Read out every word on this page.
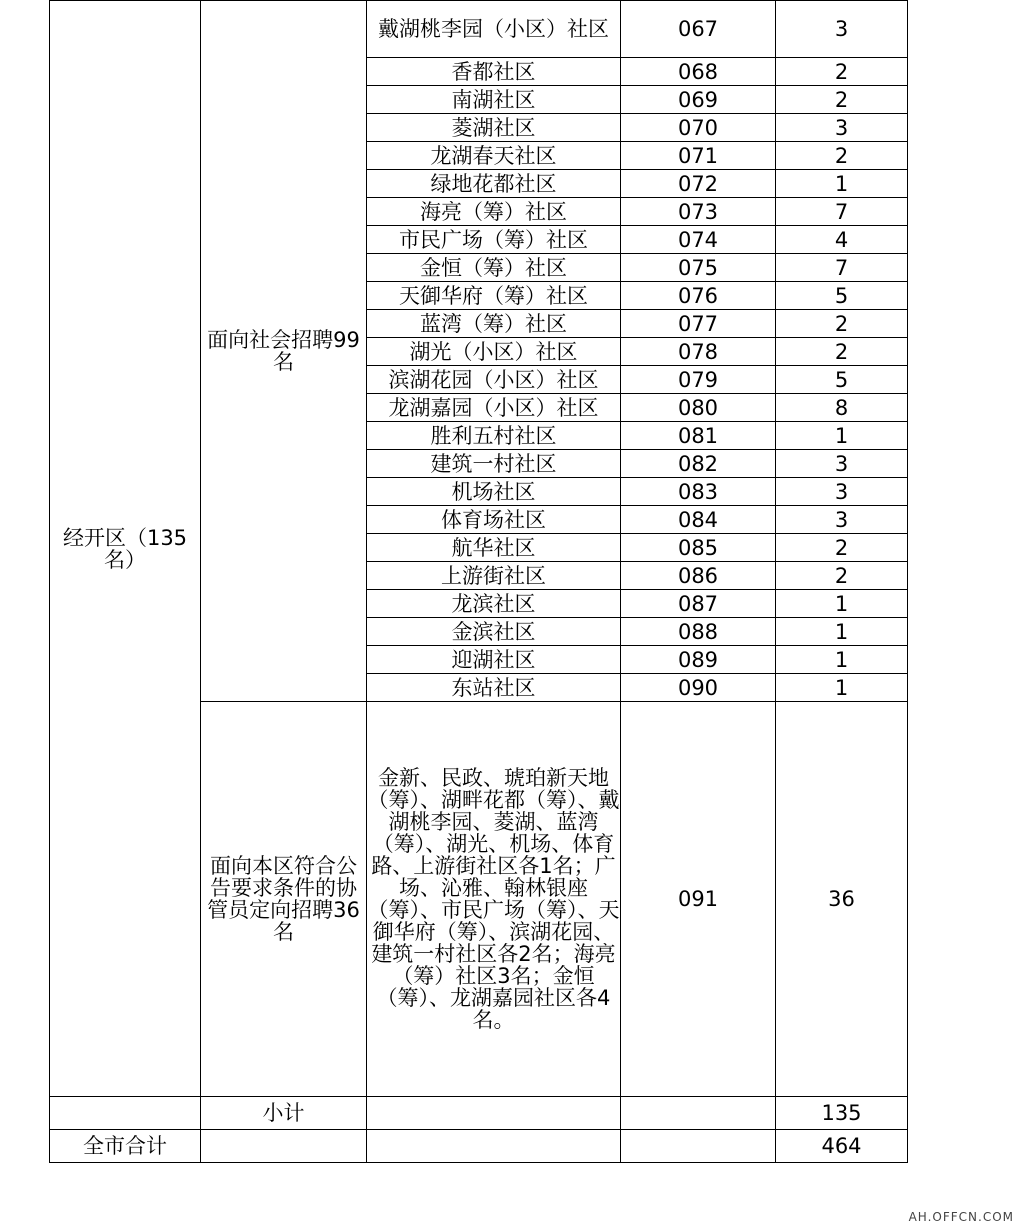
经开区（135名）	面向社会招聘99名	戴湖桃李园（小区）社区	067	3
		香都社区	068	2
		南湖社区	069	2
		菱湖社区	070	3
		龙湖春天社区	071	2
		绿地花都社区	072	1
		海亮（筹）社区	073	7
		市民广场（筹）社区	074	4
		金恒（筹）社区	075	7
		天御华府（筹）社区	076	5
		蓝湾（筹）社区	077	2
		湖光（小区）社区	078	2
		滨湖花园（小区）社区	079	5
		龙湖嘉园（小区）社区	080	8
		胜利五村社区	081	1
		建筑一村社区	082	3
		机场社区	083	3
		体育场社区	084	3
		航华社区	085	2
		上游街社区	086	2
		龙滨社区	087	1
		金滨社区	088	1
		迎湖社区	089	1
		东站社区	090	1
	面向本区符合公告要求条件的协管员定向招聘36名	金新、民政、琥珀新天地（筹）、湖畔花都（筹）、戴湖桃李园、菱湖、蓝湾（筹）、湖光、机场、体育路、上游街社区各1名；广场、沁雅、翰林银座（筹）、市民广场（筹）、天御华府（筹）、滨湖花园、建筑一村社区各2名；海亮（筹）社区3名；金恒（筹）、龙湖嘉园社区各4名。	091	36
	小计			135
全市合计				464
AH.OFFCN.COM
